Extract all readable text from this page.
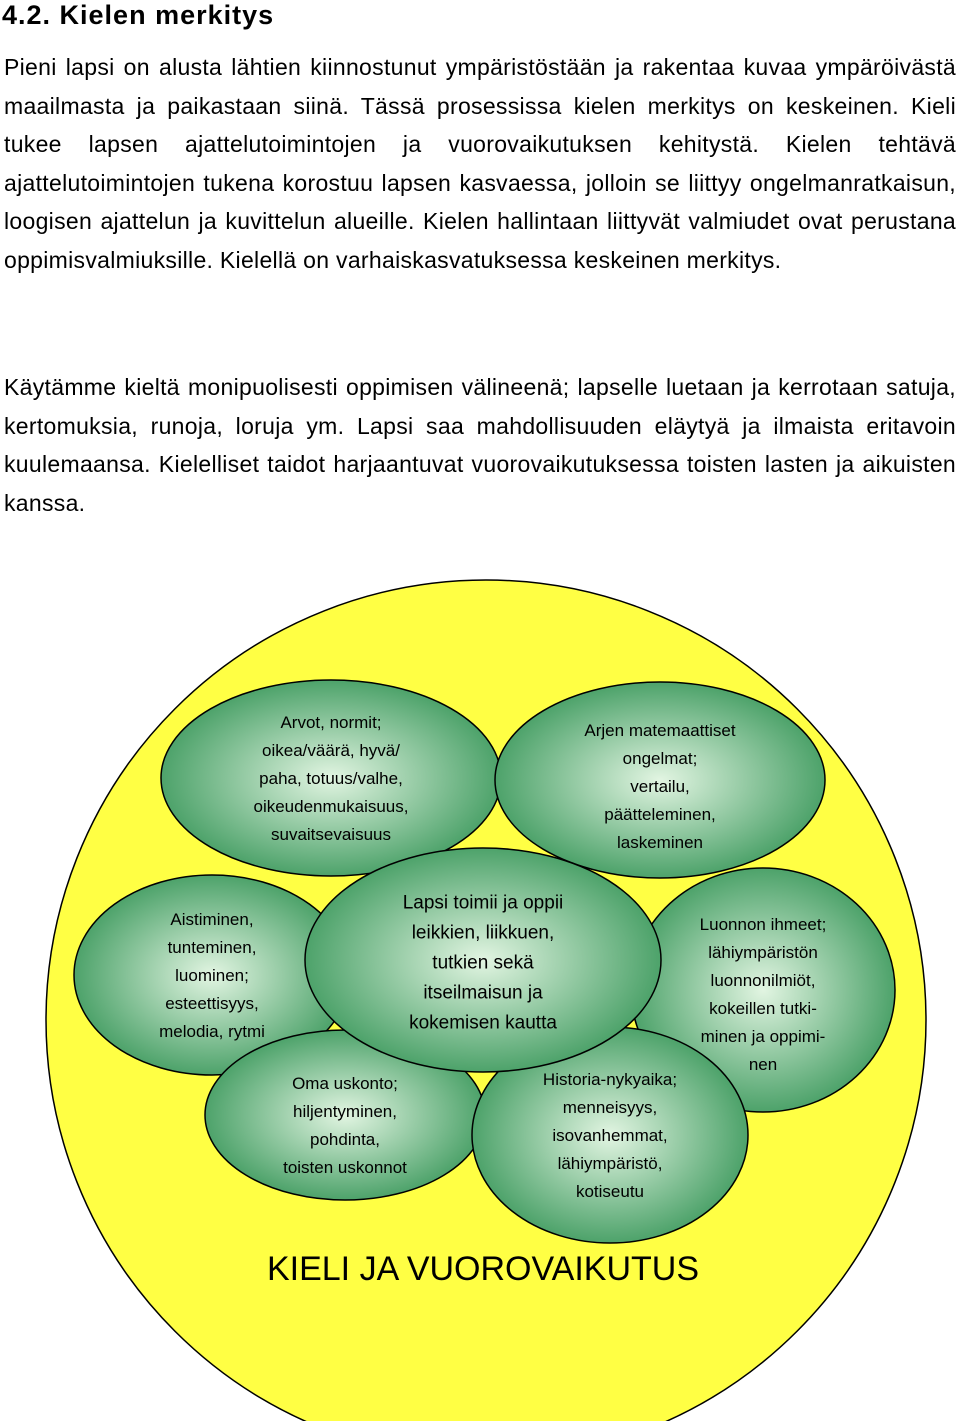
4.2. Kielen merkitys

Pieni lapsi on alusta lähtien kiinnostunut ympäristöstään ja rakentaa kuvaa ympäröivästä maailmasta ja paikastaan siinä. Tässä prosessissa kielen merkitys on keskeinen. Kieli tukee lapsen ajattelutoimintojen ja vuorovaikutuksen kehitystä. Kielen tehtävä ajattelutoimintojen tukena korostuu lapsen kasvaessa, jolloin se liittyy ongelmanratkaisun, loogisen ajattelun ja kuvittelun alueille. Kielen hallintaan liittyvät valmiudet ovat perustana oppimisvalmiuksille. Kielellä on varhaiskasvatuksessa keskeinen merkitys.

Käytämme kieltä monipuolisesti oppimisen välineenä; lapselle luetaan ja kerrotaan satuja, kertomuksia, runoja, loruja ym. Lapsi saa mahdollisuuden eläytyä ja ilmaista eritavoin kuulemaansa. Kielelliset taidot harjaantuvat vuorovaikutuksessa toisten lasten ja aikuisten kanssa.

Arvot, normit;
oikea/väärä, hyvä/
paha, totuus/valhe,
oikeudenmukaisuus,
suvaitsevaisuus
Arjen matemaattiset
ongelmat;
vertailu,
päätteleminen,
laskeminen
Aistiminen,
tunteminen,
luominen;
esteettisyys,
melodia, rytmi
Luonnon ihmeet;
lähiympäristön
luonnonilmiöt,
kokeillen tutki-
minen ja oppimi-
nen
Oma uskonto;
hiljentyminen,
pohdinta,
toisten uskonnot
Historia-nykyaika;
menneisyys,
isovanhemmat,
lähiympäristö,
kotiseutu
Lapsi toimii ja oppii
leikkien, liikkuen,
tutkien sekä
itseilmaisun ja
kokemisen kautta
KIELI JA VUOROVAIKUTUS
